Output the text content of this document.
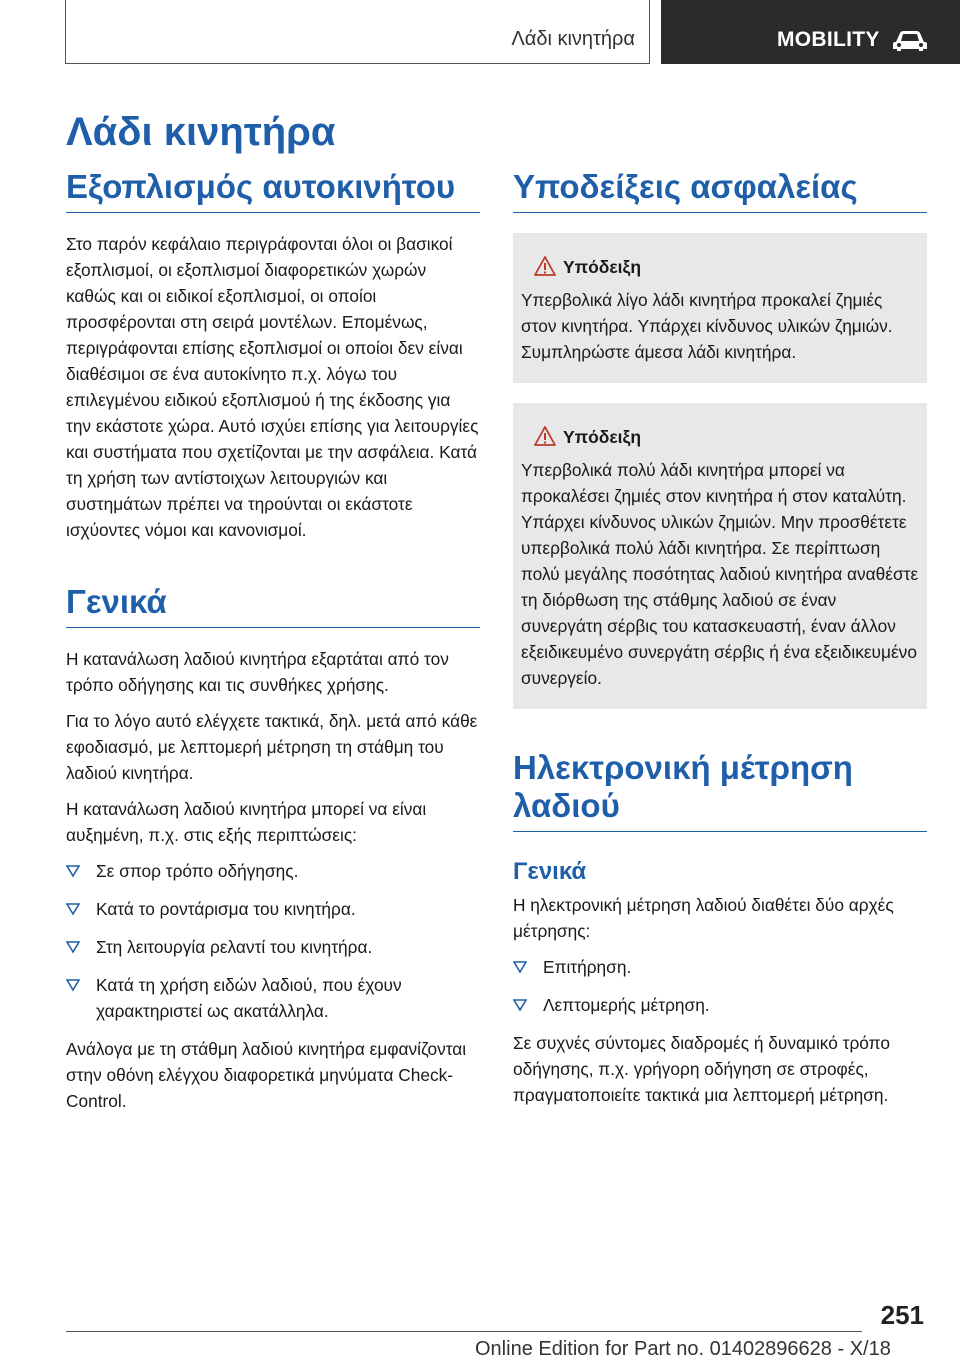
Λάδι κινητήρα	MOBILITY
Λάδι κινητήρα
Εξοπλισμός αυτοκινήτου

Στο παρόν κεφάλαιο περιγράφονται όλοι οι βασικοί εξοπλισμοί, οι εξοπλισμοί διαφορετικών χωρών καθώς και οι ειδικοί εξοπλισμοί, οι οποίοι προσφέρονται στη σειρά μοντέλων. Επομένως, περιγράφονται επίσης εξοπλισμοί οι οποίοι δεν είναι διαθέσιμοι σε ένα αυτοκίνητο π.χ. λόγω του επιλεγμένου ειδικού εξοπλισμού ή της έκδοσης για την εκάστοτε χώρα. Αυτό ισχύει επίσης για λειτουργίες και συστήματα που σχετίζονται με την ασφάλεια. Κατά τη χρήση των αντίστοιχων λειτουργιών και συστημάτων πρέπει να τηρούνται οι εκάστοτε ισχύοντες νόμοι και κανονισμοί.

Γενικά

Η κατανάλωση λαδιού κινητήρα εξαρτάται από τον τρόπο οδήγησης και τις συνθήκες χρήσης.

Για το λόγο αυτό ελέγχετε τακτικά, δηλ. μετά από κάθε εφοδιασμό, με λεπτομερή μέτρηση τη στάθμη του λαδιού κινητήρα.

Η κατανάλωση λαδιού κινητήρα μπορεί να είναι αυξημένη, π.χ. στις εξής περιπτώσεις:

Σε σπορ τρόπο οδήγησης.
Κατά το ροντάρισμα του κινητήρα.
Στη λειτουργία ρελαντί του κινητήρα.
Κατά τη χρήση ειδών λαδιού, που έχουν χαρακτηριστεί ως ακατάλληλα.

Ανάλογα με τη στάθμη λαδιού κινητήρα εμφανίζονται στην οθόνη ελέγχου διαφορετικά μηνύματα Check-Control.

Υποδείξεις ασφαλείας
Υπόδειξη

Υπερβολικά λίγο λάδι κινητήρα προκαλεί ζημιές στον κινητήρα. Υπάρχει κίνδυνος υλικών ζημιών. Συμπληρώστε άμεσα λάδι κινητήρα.

Υπόδειξη

Υπερβολικά πολύ λάδι κινητήρα μπορεί να προκαλέσει ζημιές στον κινητήρα ή στον καταλύτη. Υπάρχει κίνδυνος υλικών ζημιών. Μην προσθέτετε υπερβολικά πολύ λάδι κινητήρα. Σε περίπτωση πολύ μεγάλης ποσότητας λαδιού κινητήρα αναθέστε τη διόρθωση της στάθμης λαδιού σε έναν συνεργάτη σέρβις του κατασκευαστή, έναν άλλον εξειδικευμένο συνεργάτη σέρβις ή ένα εξειδικευμένο συνεργείο.

Ηλεκτρονική μέτρηση λαδιού
Γενικά

Η ηλεκτρονική μέτρηση λαδιού διαθέτει δύο αρχές μέτρησης:

Επιτήρηση.
Λεπτομερής μέτρηση.

Σε συχνές σύντομες διαδρομές ή δυναμικό τρόπο οδήγησης, π.χ. γρήγορη οδήγηση σε στροφές, πραγματοποιείτε τακτικά μια λεπτομερή μέτρηση.

251
Online Edition for Part no. 01402896628 - X/18
